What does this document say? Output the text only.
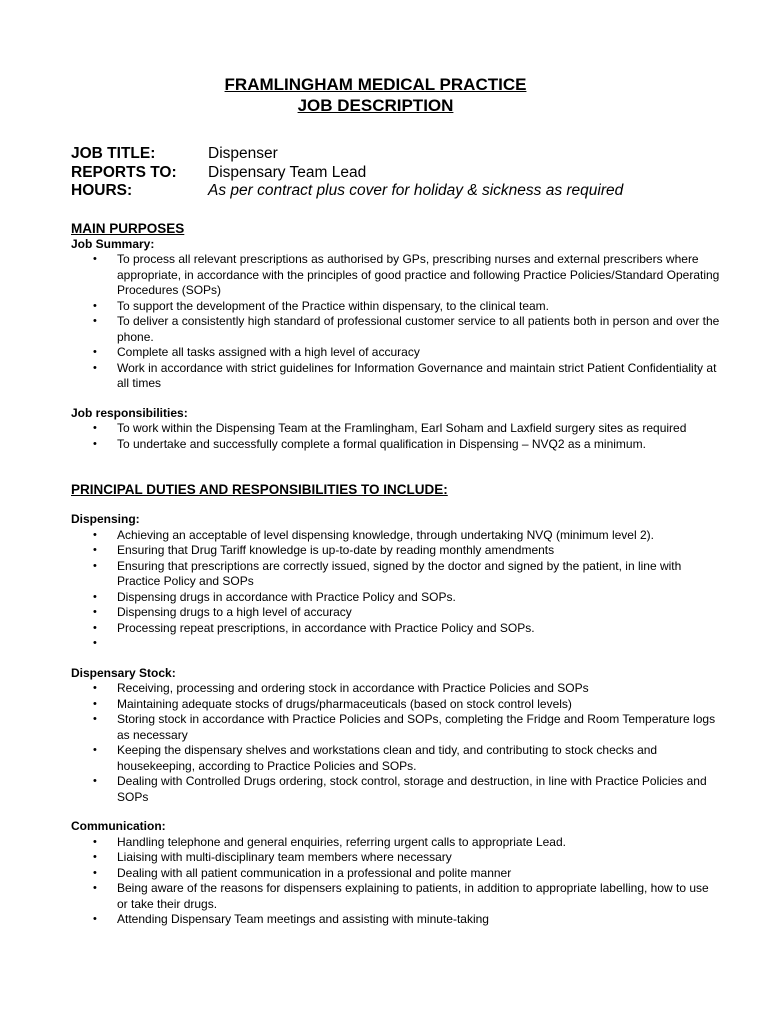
FRAMLINGHAM MEDICAL PRACTICE
JOB DESCRIPTION
JOB TITLE:	Dispenser
REPORTS TO:	Dispensary Team Lead
HOURS:	As per contract plus cover for holiday & sickness as required
MAIN PURPOSES
Job Summary:
• To process all relevant prescriptions as authorised by GPs, prescribing nurses and external prescribers where appropriate, in accordance with the principles of good practice and following Practice Policies/Standard Operating Procedures (SOPs)
• To support the development of the Practice within dispensary, to the clinical team.
• To deliver a consistently high standard of professional customer service to all patients both in person and over the phone.
• Complete all tasks assigned with a high level of accuracy
• Work in accordance with strict guidelines for Information Governance and maintain strict Patient Confidentiality at all times
Job responsibilities:
• To work within the Dispensing Team at the Framlingham, Earl Soham and Laxfield surgery sites as required
• To undertake and successfully complete a formal qualification in Dispensing – NVQ2 as a minimum.
PRINCIPAL DUTIES AND RESPONSIBILITIES TO INCLUDE:
Dispensing:
• Achieving an acceptable of level dispensing knowledge, through undertaking NVQ (minimum level 2).
• Ensuring that Drug Tariff knowledge is up-to-date by reading monthly amendments
• Ensuring that prescriptions are correctly issued, signed by the doctor and signed by the patient, in line with Practice Policy and SOPs
• Dispensing drugs in accordance with Practice Policy and SOPs.
• Dispensing drugs to a high level of accuracy
• Processing repeat prescriptions, in accordance with Practice Policy and SOPs.
•
Dispensary Stock:
• Receiving, processing and ordering stock in accordance with Practice Policies and SOPs
• Maintaining adequate stocks of drugs/pharmaceuticals (based on stock control levels)
• Storing stock in accordance with Practice Policies and SOPs, completing the Fridge and Room Temperature logs as necessary
• Keeping the dispensary shelves and workstations clean and tidy, and contributing to stock checks and housekeeping, according to Practice Policies and SOPs.
• Dealing with Controlled Drugs ordering, stock control, storage and destruction, in line with Practice Policies and SOPs
Communication:
• Handling telephone and general enquiries, referring urgent calls to appropriate Lead.
• Liaising with multi-disciplinary team members where necessary
• Dealing with all patient communication in a professional and polite manner
• Being aware of the reasons for dispensers explaining to patients, in addition to appropriate labelling, how to use or take their drugs.
• Attending Dispensary Team meetings and assisting with minute-taking
